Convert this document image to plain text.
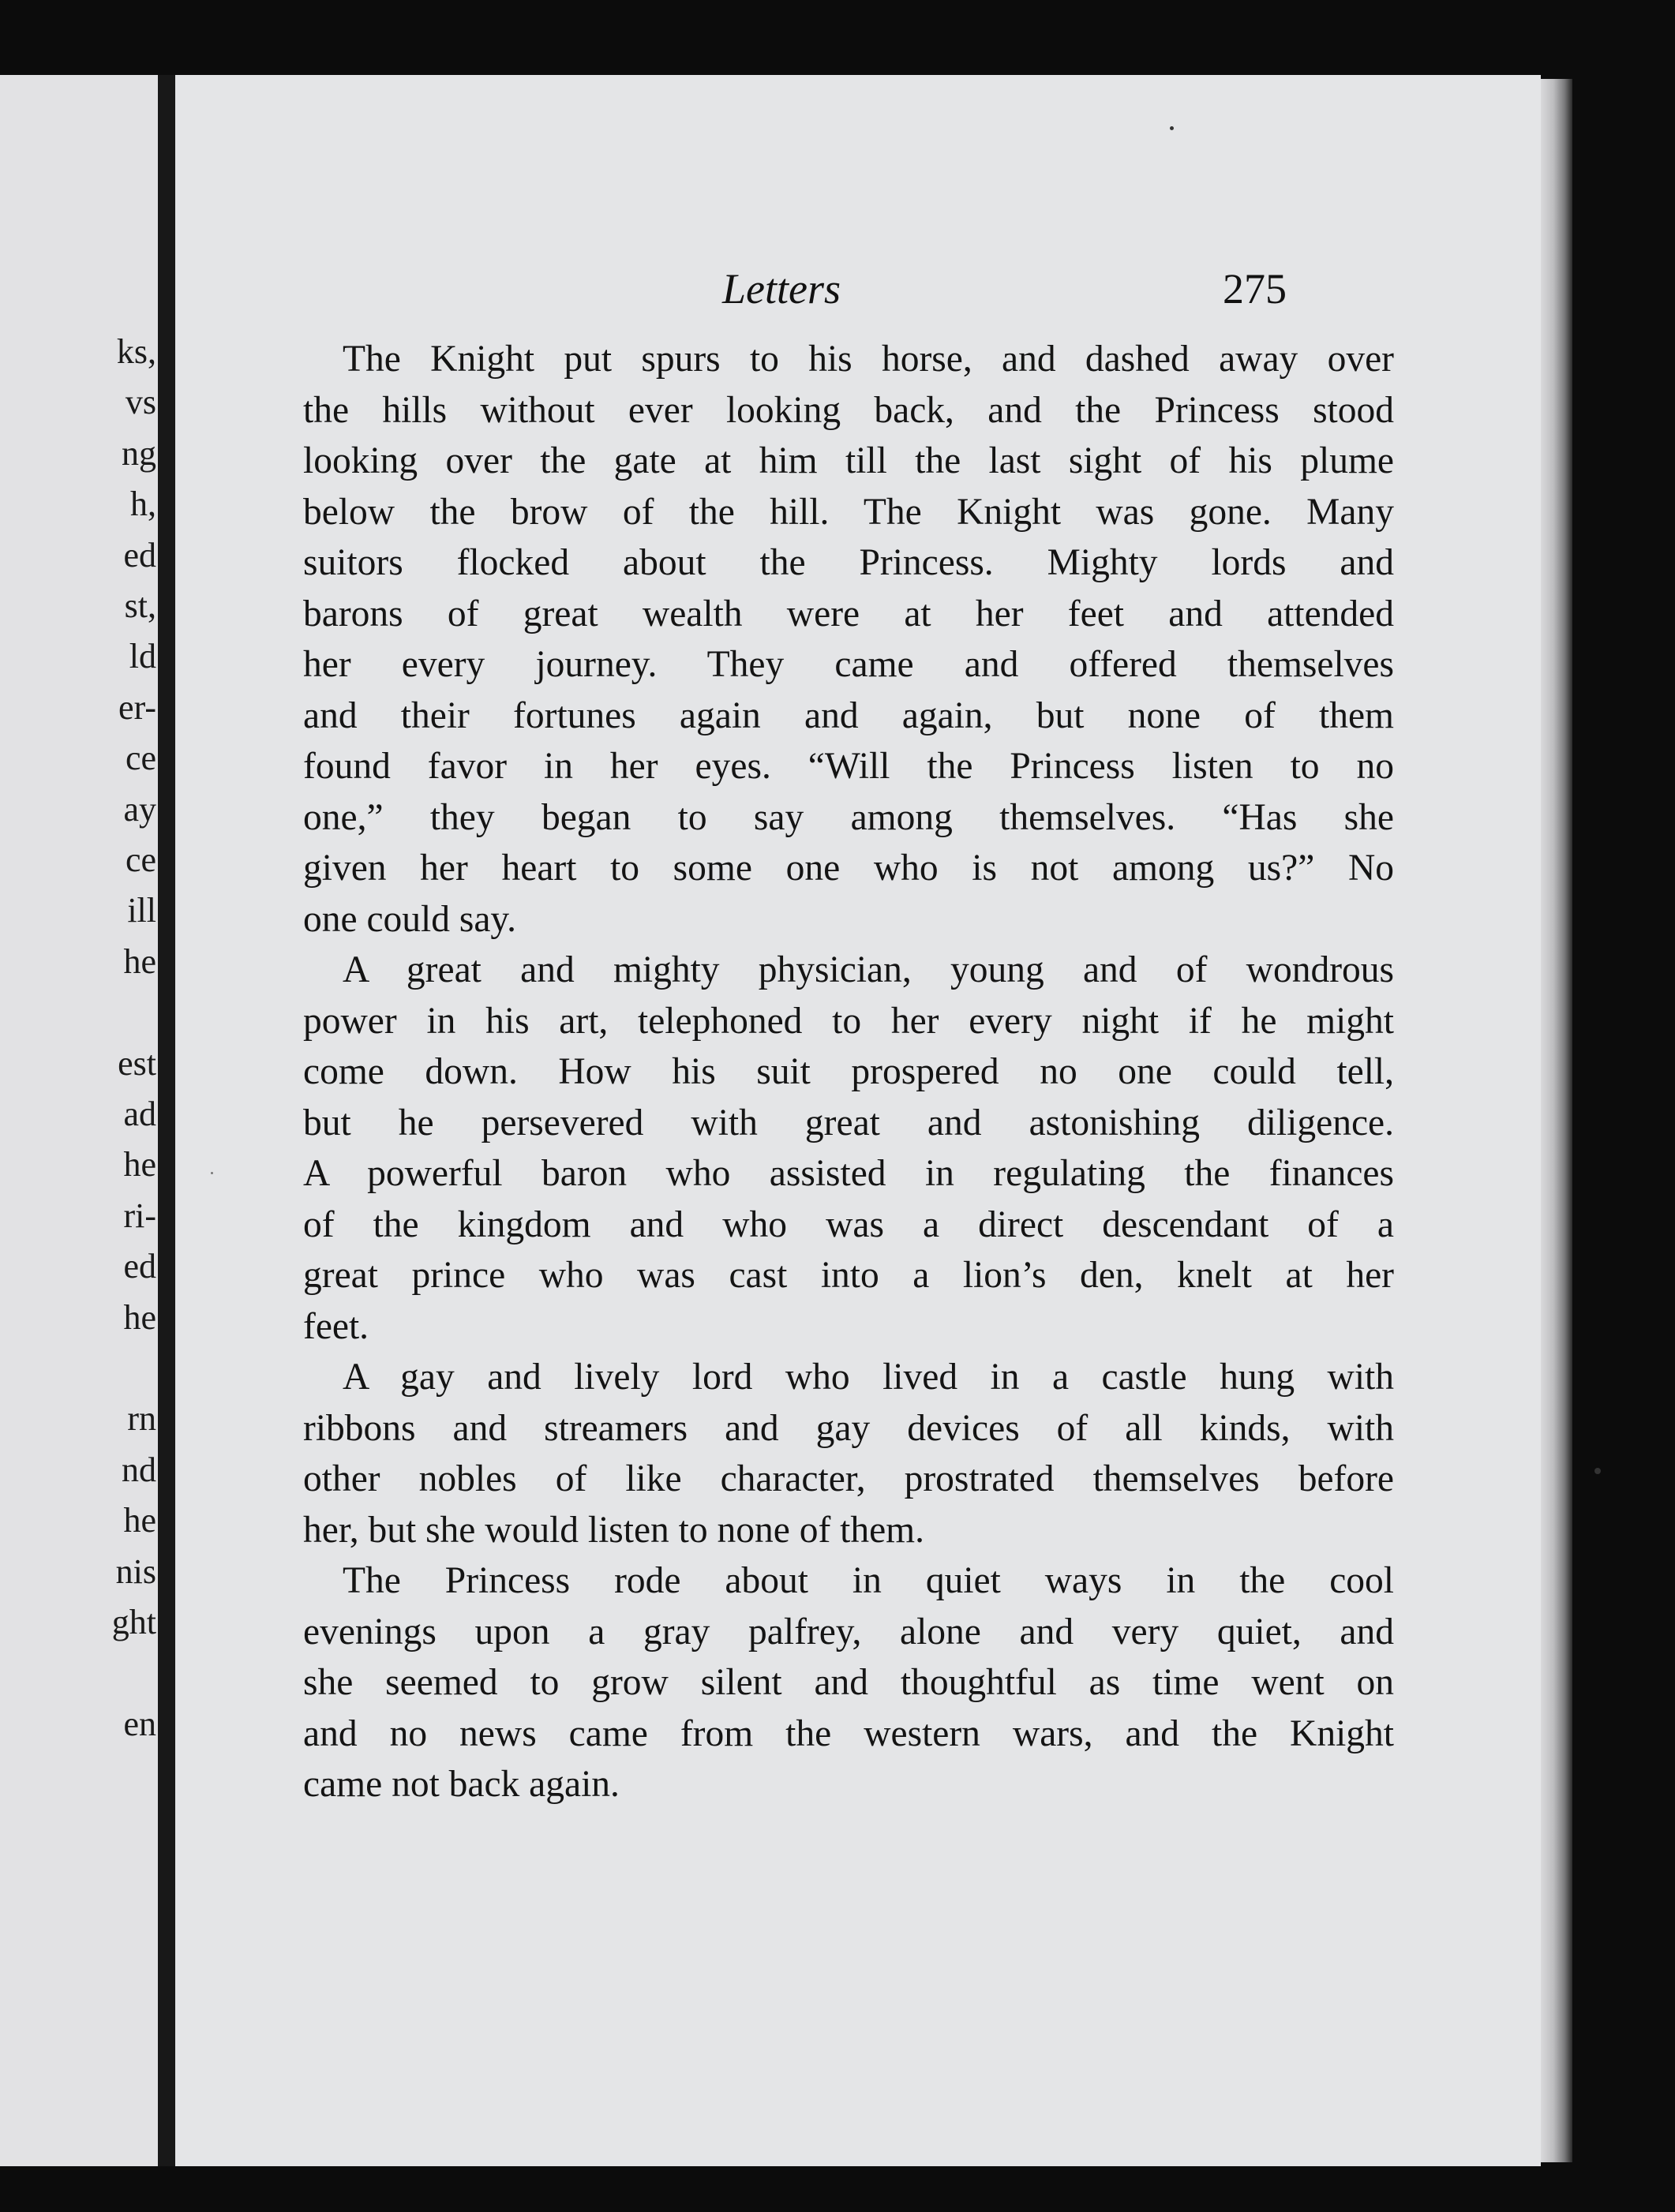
ks,
vs
ng
h,
ed
st,
ld
er-
ce
ay
ce
ill
he
est
ad
he
ri-
ed
he
rn
nd
he
nis
ght
en
Letters	275
The Knight put spurs to his horse, and dashed away over
the hills without ever looking back, and the Princess stood
looking over the gate at him till the last sight of his plume
below the brow of the hill. The Knight was gone. Many
suitors flocked about the Princess. Mighty lords and
barons of great wealth were at her feet and attended
her every journey. They came and offered themselves
and their fortunes again and again, but none of them
found favor in her eyes. “Will the Princess listen to no
one,” they began to say among themselves. “Has she
given her heart to some one who is not among us?” No
one could say.
A great and mighty physician, young and of wondrous
power in his art, telephoned to her every night if he might
come down. How his suit prospered no one could tell,
but he persevered with great and astonishing diligence.
A powerful baron who assisted in regulating the finances
of the kingdom and who was a direct descendant of a
great prince who was cast into a lion’s den, knelt at her
feet.
A gay and lively lord who lived in a castle hung with
ribbons and streamers and gay devices of all kinds, with
other nobles of like character, prostrated themselves before
her, but she would listen to none of them.
The Princess rode about in quiet ways in the cool
evenings upon a gray palfrey, alone and very quiet, and
she seemed to grow silent and thoughtful as time went on
and no news came from the western wars, and the Knight
came not back again.
